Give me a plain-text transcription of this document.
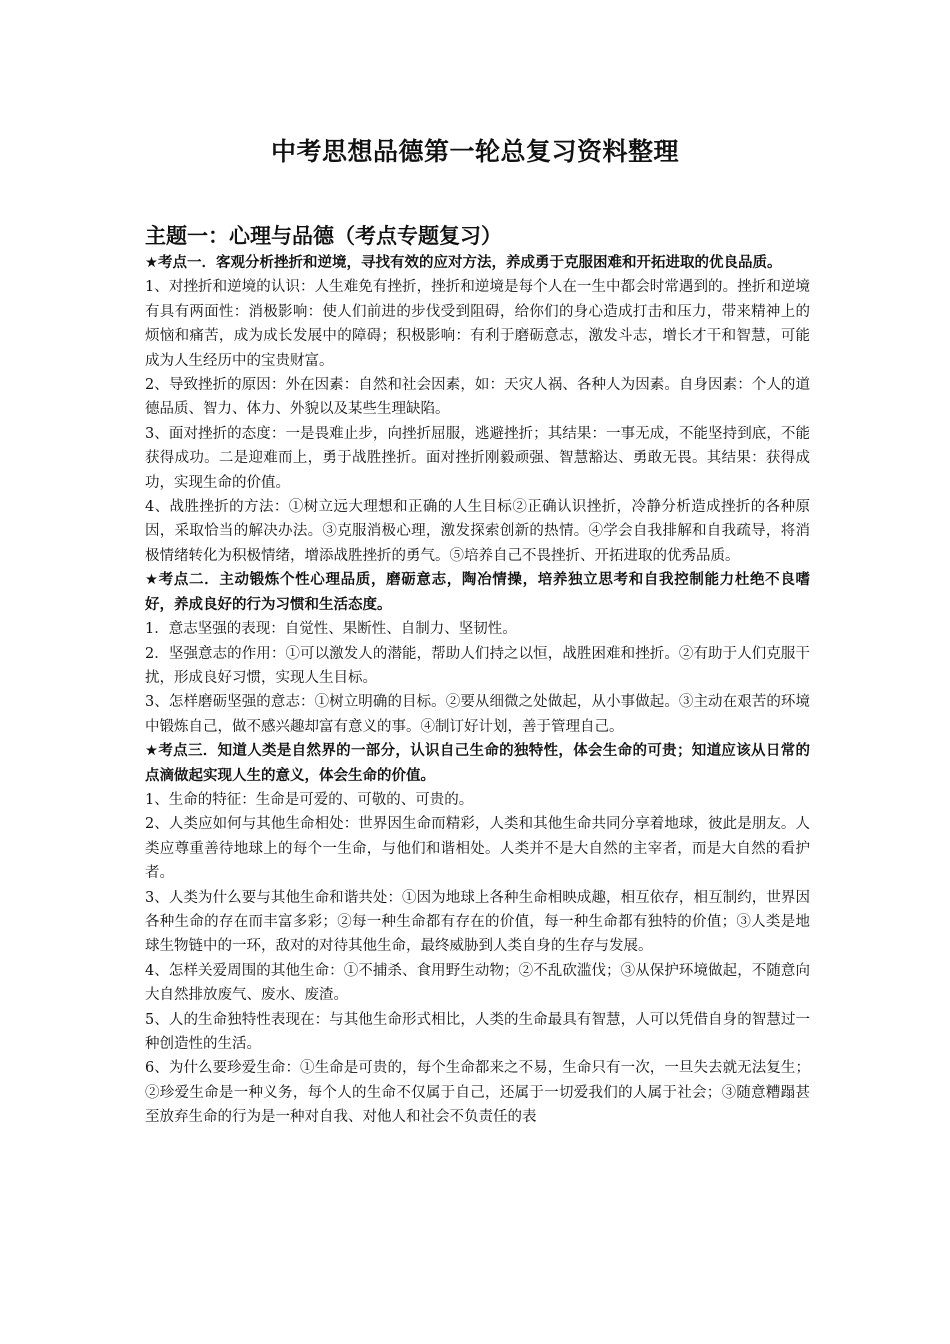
中考思想品德第一轮总复习资料整理

主题一：心理与品德（考点专题复习）

★考点一．客观分析挫折和逆境，寻找有效的应对方法，养成勇于克服困难和开拓进取的优良品质。

1、对挫折和逆境的认识：人生难免有挫折，挫折和逆境是每个人在一生中都会时常遇到的。挫折和逆境有具有两面性：消极影响：使人们前进的步伐受到阻碍，给你们的身心造成打击和压力，带来精神上的烦恼和痛苦，成为成长发展中的障碍；积极影响：有利于磨砺意志，激发斗志，增长才干和智慧，可能成为人生经历中的宝贵财富。

2、导致挫折的原因：外在因素：自然和社会因素，如：天灾人祸、各种人为因素。自身因素：个人的道德品质、智力、体力、外貌以及某些生理缺陷。

3、面对挫折的态度：一是畏难止步，向挫折屈服，逃避挫折；其结果：一事无成，不能坚持到底，不能获得成功。二是迎难而上，勇于战胜挫折。面对挫折刚毅顽强、智慧豁达、勇敢无畏。其结果：获得成功，实现生命的价值。

4、战胜挫折的方法：①树立远大理想和正确的人生目标②正确认识挫折，冷静分析造成挫折的各种原因，采取恰当的解决办法。③克服消极心理，激发探索创新的热情。④学会自我排解和自我疏导，将消极情绪转化为积极情绪，增添战胜挫折的勇气。⑤培养自己不畏挫折、开拓进取的优秀品质。

★考点二．主动锻炼个性心理品质，磨砺意志，陶冶情操，培养独立思考和自我控制能力杜绝不良嗜好，养成良好的行为习惯和生活态度。

1．意志坚强的表现：自觉性、果断性、自制力、坚韧性。

2．坚强意志的作用：①可以激发人的潜能，帮助人们持之以恒，战胜困难和挫折。②有助于人们克服干扰，形成良好习惯，实现人生目标。

3、怎样磨砺坚强的意志：①树立明确的目标。②要从细微之处做起，从小事做起。③主动在艰苦的环境中锻炼自己，做不感兴趣却富有意义的事。④制订好计划，善于管理自己。

★考点三．知道人类是自然界的一部分，认识自己生命的独特性，体会生命的可贵；知道应该从日常的点滴做起实现人生的意义，体会生命的价值。

1、生命的特征：生命是可爱的、可敬的、可贵的。

2、人类应如何与其他生命相处：世界因生命而精彩，人类和其他生命共同分享着地球，彼此是朋友。人类应尊重善待地球上的每个一生命，与他们和谐相处。人类并不是大自然的主宰者，而是大自然的看护者。

3、人类为什么要与其他生命和谐共处：①因为地球上各种生命相映成趣，相互依存，相互制约，世界因各种生命的存在而丰富多彩；②每一种生命都有存在的价值，每一种生命都有独特的价值；③人类是地球生物链中的一环，敌对的对待其他生命，最终威胁到人类自身的生存与发展。

4、怎样关爱周围的其他生命：①不捕杀、食用野生动物；②不乱砍滥伐；③从保护环境做起，不随意向大自然排放废气、废水、废渣。

5、人的生命独特性表现在：与其他生命形式相比，人类的生命最具有智慧，人可以凭借自身的智慧过一种创造性的生活。

6、为什么要珍爱生命：①生命是可贵的，每个生命都来之不易，生命只有一次，一旦失去就无法复生；②珍爱生命是一种义务，每个人的生命不仅属于自己，还属于一切爱我们的人属于社会；③随意糟蹋甚至放弃生命的行为是一种对自我、对他人和社会不负责任的表
